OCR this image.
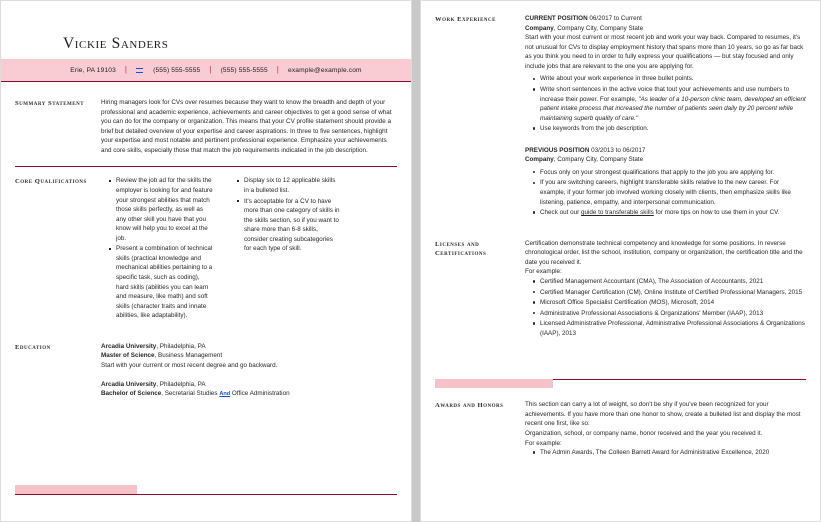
Vickie Sanders
Erie, PA 19103 |	(555) 555-5555 | (555) 555-5555 | example@example.com
Summary Statement	Hiring managers look for CVs over resumes because they want to know the breadth and depth of your professional and academic experience, achievements and career objectives to get a good sense of what you can do for the company or organization. This means that your CV profile statement should provide a brief but detailed overview of your expertise and career aspirations. In three to five sentences, highlight your expertise and most notable and pertinent professional experience. Emphasize your achievements and core skills, especially those that match the job requirements indicated in the job description.

Core Qualifications	Review the job ad for the skills the employer is looking for and feature your strongest abilities that match those skills perfectly, as well as any other skill you have that you know will help you to excel at the job.
Present a combination of technical skills (practical knowledge and mechanical abilities pertaining to a specific task, such as coding), hard skills (abilities you can learn and measure, like math) and soft skills (character traits and innate abilities, like adaptability).
Display six to 12 applicable skills in a bulleted list.
It's acceptable for a CV to have more than one category of skills in the skills section, so if you want to share more than 6-8 skills, consider creating subcategories for each type of skill.
Education	Arcadia University, Philadelphia, PA
Master of Science, Business Management
Start with your current or most recent degree and go backward.
Arcadia University, Philadelphia, PA
Bachelor of Science, Secretarial Studies And Office Administration
Work Experience	CURRENT POSITION 06/2017 to Current
Company, Company City, Company State

Start with your most current or most recent job and work your way back. Compared to resumes, it's not unusual for CVs to display employment history that spans more than 10 years, so go as far back as you think you need to in order to fully express your qualifications — but stay focused and only include jobs that are relevant to the one you are applying for.

Write about your work experience in three bullet points.
Write short sentences in the active voice that tout your achievements and use numbers to increase their power. For example, "As leader of a 10-person clinic team, developed an efficient patient intake process that increased the number of patients seen daily by 20 percent while maintaining superb quality of care."
Use keywords from the job description.
PREVIOUS POSITION 03/2013 to 06/2017
Company, Company City, Company State
Focus only on your strongest qualifications that apply to the job you are applying for.
If you are switching careers, highlight transferable skills relative to the new career. For example, if your former job involved working closely with clients, then emphasize skills like listening, patience, empathy, and interpersonal communication.
Check out our guide to transferable skills for more tips on how to use them in your CV.
Licenses and
Certifications

Certification demonstrate technical competency and knowledge for some positions. In reverse chronological order, list the school, institution, company or organization, the certification title and the date you received it.

For example:
Certified Management Accountant (CMA), The Association of Accountants, 2021
Certified Manager Certification (CM), Online Institute of Certified Professional Managers, 2015
Microsoft Office Specialist Certification (MOS), Microsoft, 2014
Administrative Professional Associations & Organizations' Member (IAAP), 2013
Licensed Administrative Professional, Administrative Professional Associations & Organizations (IAAP), 2013
Awards and Honors	This section can carry a lot of weight, so don't be shy if you've been recognized for your achievements. If you have more than one honor to show, create a bulleted list and display the most recent one first, like so:

Organization, school, or company name, honor received and the year you received it.
For example:
The Admin Awards, The Colleen Barrett Award for Administrative Excellence, 2020
